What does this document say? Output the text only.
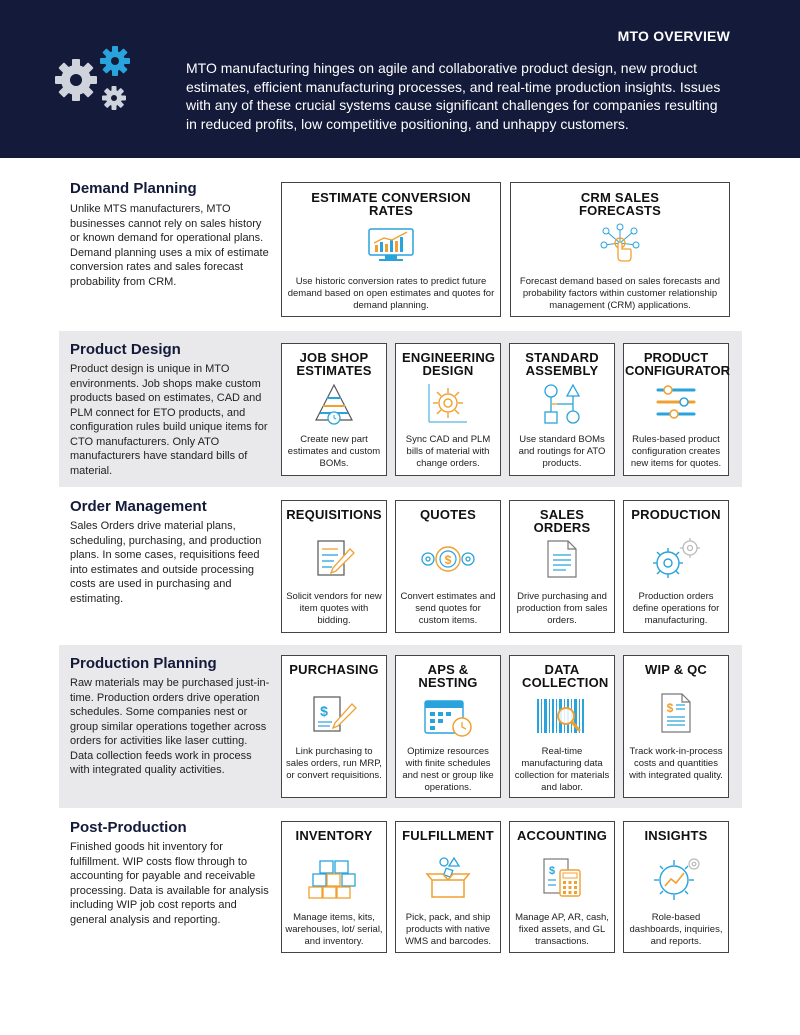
MTO OVERVIEW
MTO manufacturing hinges on agile and collaborative product design, new product estimates, efficient manufacturing processes, and real-time production insights. Issues with any of these crucial systems cause significant challenges for companies resulting in reduced profits, low competitive positioning, and unhappy customers.
Demand Planning
Unlike MTS manufacturers, MTO businesses cannot rely on sales history or known demand for operational plans. Demand planning uses a mix of estimate conversion rates and sales forecast probability from CRM.
ESTIMATE CONVERSION RATES
Use historic conversion rates to predict future demand based on open estimates and quotes for demand planning.
CRM SALES FORECASTS
Forecast demand based on sales forecasts and probability factors within customer relationship management (CRM) applications.
Product Design
Product design is unique in MTO environments. Job shops make custom products based on estimates, CAD and PLM connect for ETO products, and configuration rules build unique items for CTO manufacturers. Only ATO manufacturers have standard bills of material.
JOB SHOP ESTIMATES
Create new part estimates and custom BOMs.
ENGINEERING DESIGN
Sync CAD and PLM bills of material with change orders.
STANDARD ASSEMBLY
Use standard BOMs and routings for ATO products.
PRODUCT CONFIGURATOR
Rules-based product configuration creates new items for quotes.
Order Management
Sales Orders drive material plans, scheduling, purchasing, and production plans. In some cases, requisitions feed into estimates and outside processing costs are used in purchasing and estimating.
REQUISITIONS
Solicit vendors for new item quotes with bidding.
QUOTES
$
Convert estimates and send quotes for custom items.
SALES ORDERS
Drive purchasing and production from sales orders.
PRODUCTION
Production orders define operations for manufacturing.
Production Planning
Raw materials may be purchased just-in-time. Production orders drive operation schedules. Some companies nest or group similar operations together across orders for activities like laser cutting. Data collection feeds work in process with integrated quality activities.
PURCHASING
$
Link purchasing to sales orders, run MRP, or convert requisitions.
APS & NESTING
Optimize resources with finite schedules and nest or group like operations.
DATA COLLECTION
Real-time manufacturing data collection for materials and labor.
WIP & QC
$
Track work-in-process costs and quantities with integrated quality.
Post-Production
Finished goods hit inventory for fulfillment. WIP costs flow through to accounting for payable and receivable processing. Data is available for analysis including WIP job cost reports and general analysis and reporting.
INVENTORY
Manage items, kits, warehouses, lot/ serial, and inventory.
FULFILLMENT
Pick, pack, and ship products with native WMS and barcodes.
ACCOUNTING
$
Manage AP, AR, cash, fixed assets, and GL transactions.
INSIGHTS
Role-based dashboards, inquiries, and reports.
